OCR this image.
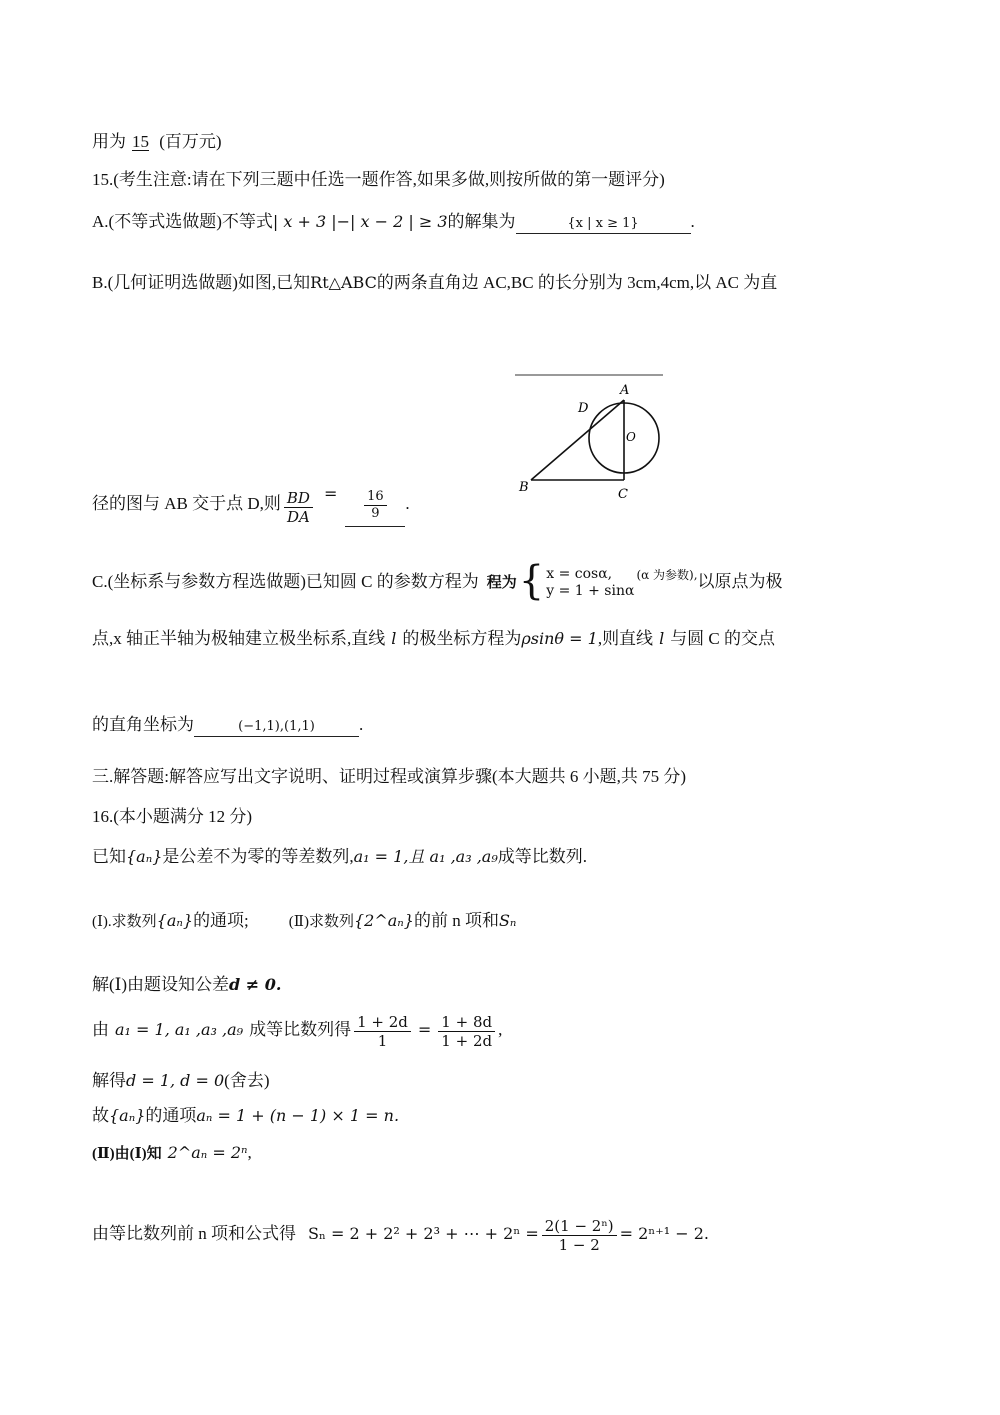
用为 15 (百万元)
15.(考生注意:请在下列三题中任选一题作答,如果多做,则按所做的第一题评分)
A.(不等式选做题)不等式| x + 3 |−| x − 2 | ≥ 3的解集为	{x | x ≥ 1}	.
B.(几何证明选做题)如图,已知Rt△ABC的两条直角边 AC,BC 的长分别为 3cm,4cm,以 AC 为直
A
D
O
B	C
径的图与 AB 交于点 D,则 $\frac{BD}{DA} = \frac{16}{9}$ .
C.(坐标系与参数方程选做题)已知圆 C 的参数方程为 程为 { x = cosα,
y = 1 + sinα
(α 为参数), 以原点为极
点,x 轴正半轴为极轴建立极坐标系,直线 l 的极坐标方程为ρsinθ = 1,则直线 l 与圆 C 的交点
的直角坐标为	(−1,1),(1,1)	.
三.解答题:解答应写出文字说明、证明过程或演算步骤(本大题共 6 小题,共 75 分)
16.(本小题满分 12 分)
已知{aₙ}是公差不为零的等差数列,a₁ = 1,且 a₁ ,a₃ ,a₉成等比数列.
(Ⅰ).求数列{aₙ}的通项;	(Ⅱ)求数列{2^aₙ}的前 n 项和Sₙ
解(Ⅰ)由题设知公差d ≠ 0.
由 a₁ = 1, a₁ ,a₃ ,a₉ 成等比数列得 $\frac{1 + 2d}{1} = \frac{1 + 8d}{1 + 2d}$ ,
解得d = 1, d = 0(舍去)
故{aₙ}的通项aₙ = 1 + (n − 1) × 1 = n.
(Ⅱ)由(Ⅰ)知 2^aₙ = 2ⁿ,
由等比数列前 n 项和公式得 Sₙ = 2 + 2² + 2³ + ⋯ + $2^n = \frac{\text{2(1 − 2ⁿ)}}{1 - 2} = 2^{n+1} - 2$.
